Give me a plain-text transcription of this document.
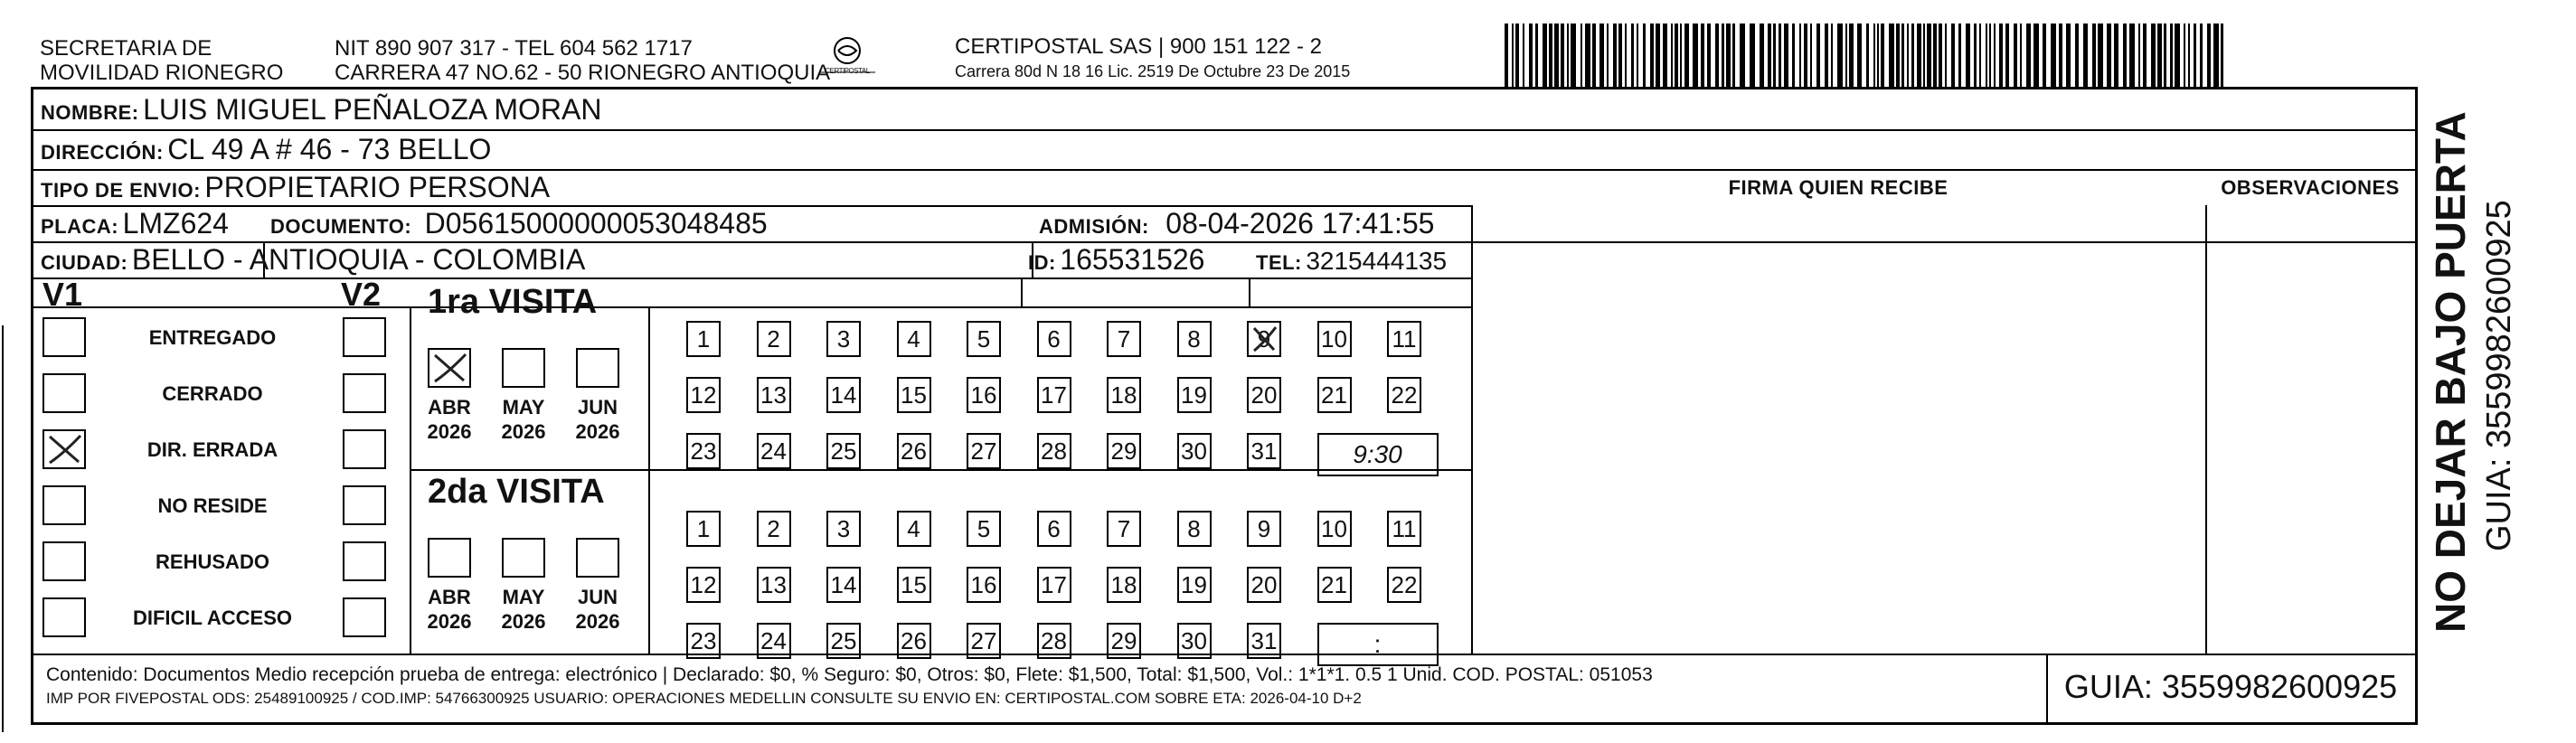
SECRETARIA DE
MOVILIDAD RIONEGRO
NIT 890 907 317 - TEL 604 562 1717
CARRERA 47 NO.62 - 50 RIONEGRO ANTIOQUIA
CERTIPOSTAL
CERTIPOSTAL SAS | 900 151 122 - 2
Carrera 80d N 18 16 Lic. 2519 De Octubre 23 De 2015
NOMBRE: LUIS MIGUEL PEÑALOZA MORAN
DIRECCIÓN: CL 49 A # 46 - 73 BELLO
TIPO DE ENVIO: PROPIETARIO PERSONA	FIRMA QUIEN RECIBE	OBSERVACIONES
PLACA: LMZ624 DOCUMENTO: D05615000000053048485	ADMISIÓN: 08-04-2026 17:41:55
CIUDAD: BELLO - ANTIOQUIA - COLOMBIA	ID: 165531526	TEL: 3215444135
V1	V2
ENTREGADO
CERRADO
DIR. ERRADA
NO RESIDE
REHUSADO
DIFICIL ACCESO
1ra VISITA
2da VISITA
ABR
2026
MAY
2026
JUN
2026
ABR
2026
MAY
2026
JUN
2026
1	2	3	4	5	6	7	8	9	10 11
12 13 14 15 16 17 18 19 20 21 22
23 24 25 26 27 28 29 30 31	9:30
1	2	3	4	5	6	7	8	9	10 11
12 13 14 15 16 17 18 19 20 21 22
23 24 25 26 27 28 29 30 31	:
Contenido: Documentos Medio recepción prueba de entrega: electrónico | Declarado: $0, % Seguro: $0, Otros: $0, Flete: $1,500, Total: $1,500, Vol.: 1*1*1. 0.5 1 Unid. COD. POSTAL: 051053
IMP POR FIVEPOSTAL ODS: 25489100925 / COD.IMP: 54766300925 USUARIO: OPERACIONES MEDELLIN CONSULTE SU ENVIO EN: CERTIPOSTAL.COM SOBRE ETA: 2026-04-10 D+2	GUIA: 3559982600925
NO DEJAR BAJO PUERTA GUIA: 3559982600925
